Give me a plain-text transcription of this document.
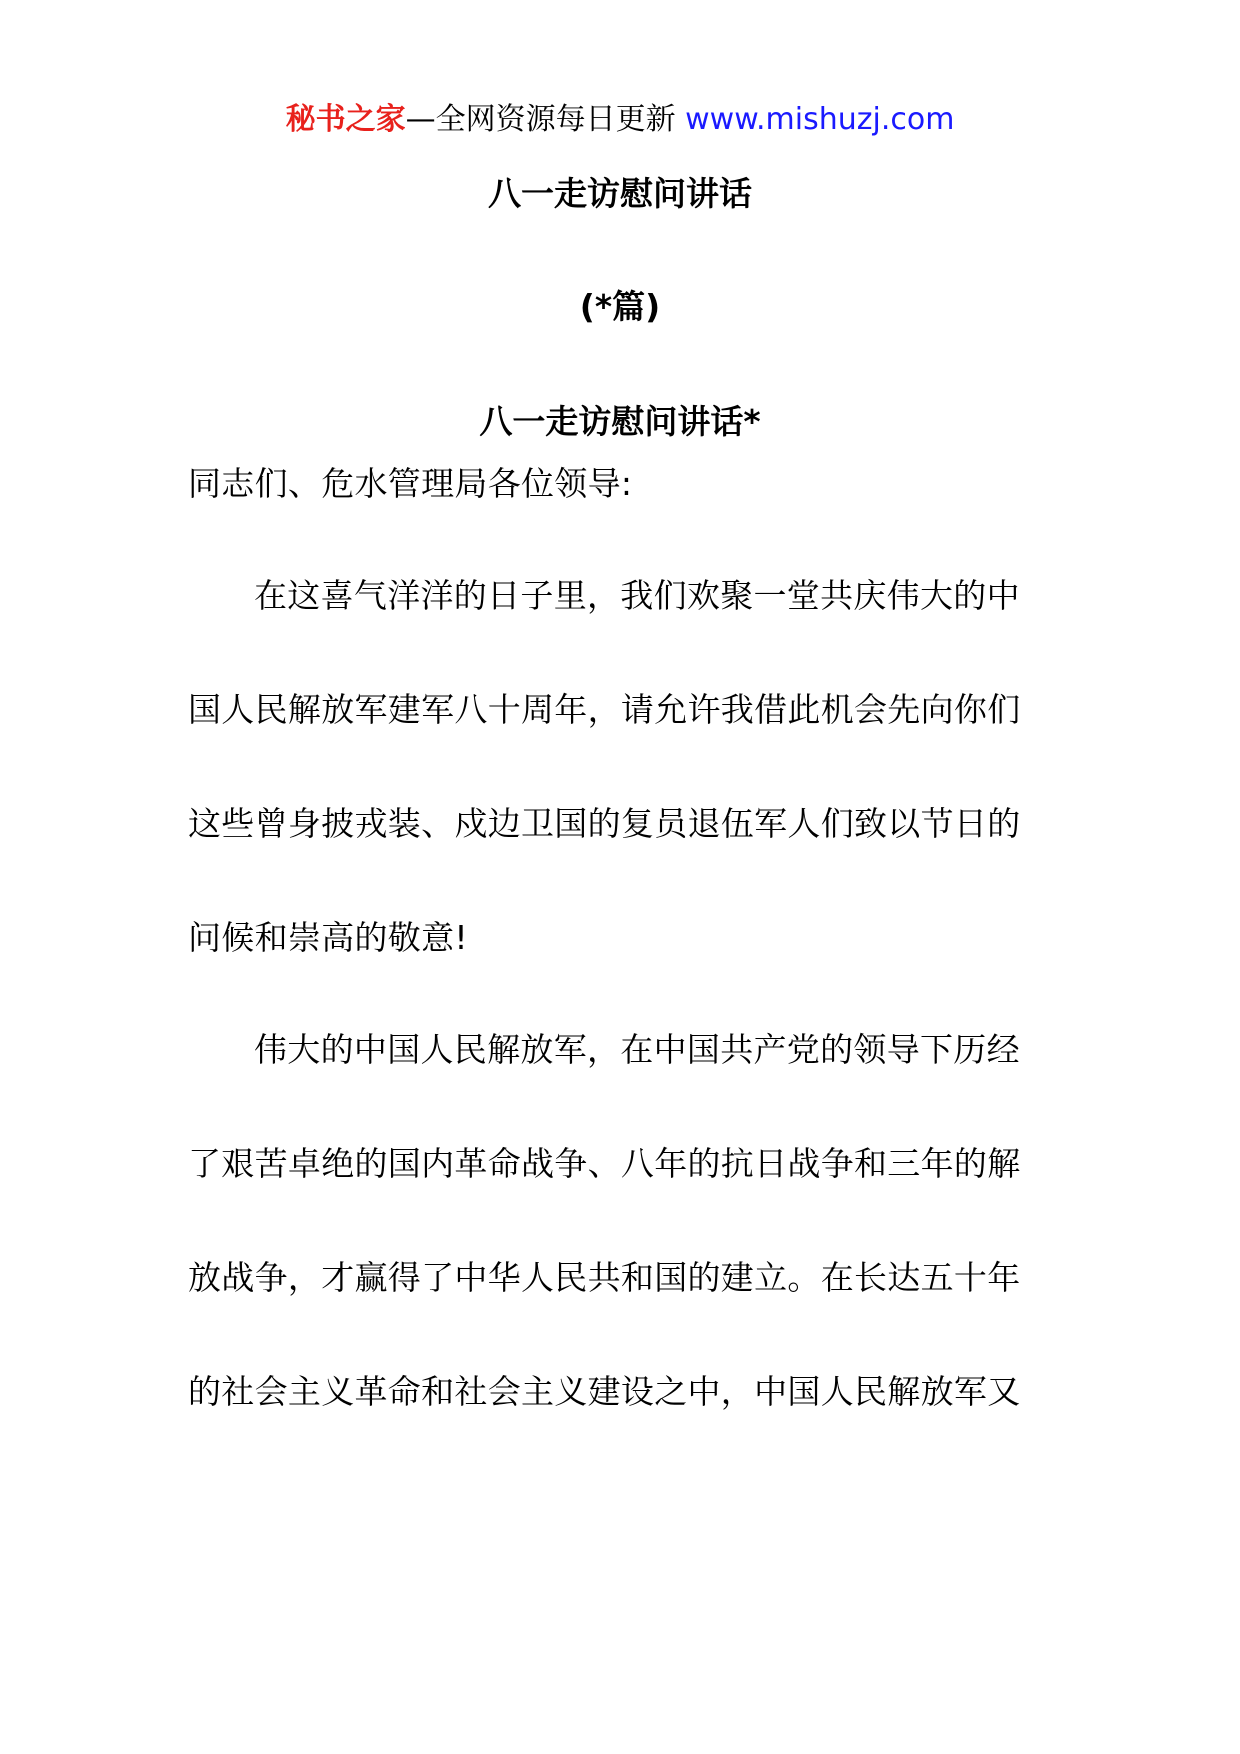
秘书之家—全网资源每日更新 www.mishuzj.com
八一走访慰问讲话
(*篇)
八一走访慰问讲话*
同志们、危水管理局各位领导:
在这喜气洋洋的日子里，我们欢聚一堂共庆伟大的中
国人民解放军建军八十周年，请允许我借此机会先向你们
这些曾身披戎装、戍边卫国的复员退伍军人们致以节日的
问候和崇高的敬意!
伟大的中国人民解放军，在中国共产党的领导下历经
了艰苦卓绝的国内革命战争、八年的抗日战争和三年的解
放战争，才赢得了中华人民共和国的建立。在长达五十年
的社会主义革命和社会主义建设之中，中国人民解放军又
